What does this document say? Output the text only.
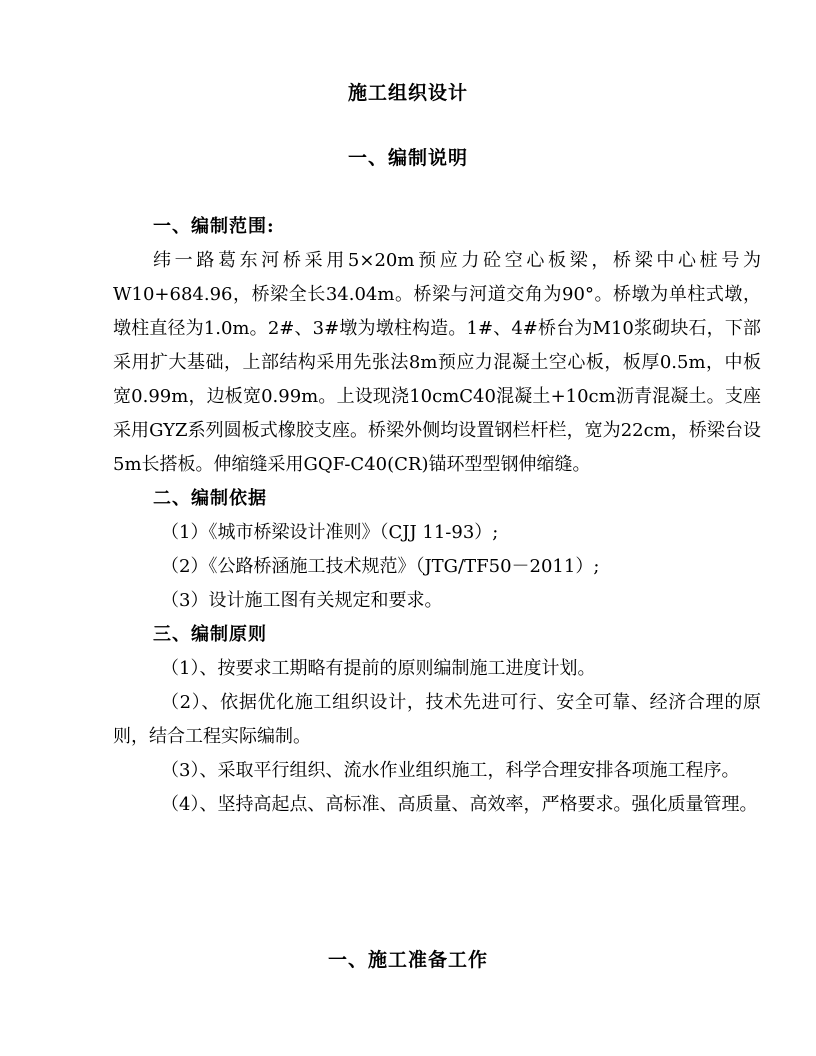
施工组织设计
一、编制说明

一、编制范围:

纬一路葛东河桥采用5×20m预应力砼空心板梁，桥梁中心桩号为W10+684.96，桥梁全长34.04m。桥梁与河道交角为90°。桥墩为单柱式墩，墩柱直径为1.0m。2#、3#墩为墩柱构造。1#、4#桥台为M10浆砌块石，下部采用扩大基础，上部结构采用先张法8m预应力混凝土空心板，板厚0.5m，中板宽0.99m，边板宽0.99m。上设现浇10cmC40混凝土+10cm沥青混凝土。支座采用GYZ系列圆板式橡胶支座。桥梁外侧均设置钢栏杆栏，宽为22cm，桥梁台设5m长搭板。伸缩缝采用GQF-C40(CR)锚环型型钢伸缩缝。

二、编制依据

（1）《城市桥梁设计准则》（CJJ 11-93）;

（2）《公路桥涵施工技术规范》（JTG/TF50－2011）;

（3）设计施工图有关规定和要求。

三、编制原则

（1）、按要求工期略有提前的原则编制施工进度计划。

（2）、依据优化施工组织设计，技术先进可行、安全可靠、经济合理的原则，结合工程实际编制。

（3）、采取平行组织、流水作业组织施工，科学合理安排各项施工程序。

（4）、坚持高起点、高标准、高质量、高效率，严格要求。强化质量管理。

一、施工准备工作
